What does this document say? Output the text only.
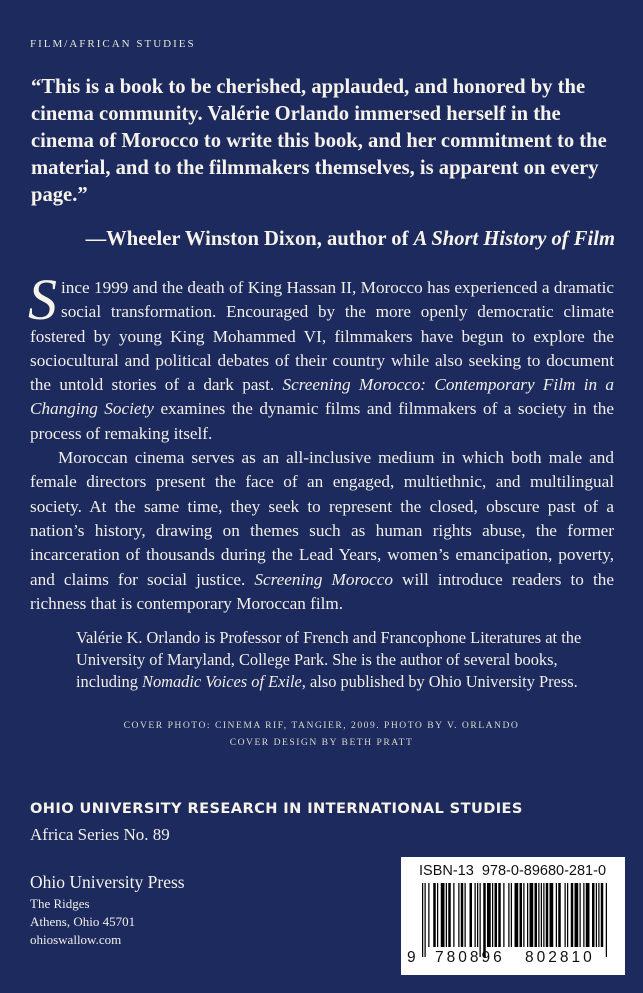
FILM/AFRICAN STUDIES

“This is a book to be cherished, applauded, and honored by the cinema community. Valérie Orlando immersed herself in the cinema of Morocco to write this book, and her commitment to the material, and to the filmmakers themselves, is apparent on every page.”

—Wheeler Winston Dixon, author of A Short History of Film

Since 1999 and the death of King Hassan II, Morocco has experienced a dramatic social transformation. Encouraged by the more openly democratic climate fostered by young King Mohammed VI, filmmakers have begun to explore the sociocultural and political debates of their country while also seeking to document the untold stories of a dark past. Screening Morocco: Contemporary Film in a Changing Society examines the dynamic films and filmmakers of a society in the process of remaking itself.

Moroccan cinema serves as an all-inclusive medium in which both male and female directors present the face of an engaged, multiethnic, and multilingual society. At the same time, they seek to represent the closed, obscure past of a nation’s history, drawing on themes such as human rights abuse, the former incarceration of thousands during the Lead Years, women’s emancipation, poverty, and claims for social justice. Screening Morocco will introduce readers to the richness that is contemporary Moroccan film.

Valérie K. Orlando is Professor of French and Francophone Literatures at the University of Maryland, College Park. She is the author of several books, including Nomadic Voices of Exile, also published by Ohio University Press.
COVER PHOTO: CINEMA RIF, TANGIER, 2009. PHOTO BY V. ORLANDO
COVER DESIGN BY BETH PRATT
OHIO UNIVERSITY RESEARCH IN INTERNATIONAL STUDIES
Africa Series No. 89
Ohio University Press
The Ridges
Athens, Ohio 45701
ohioswallow.com
ISBN-13  978-0-89680-281-0
9 780896 802810
